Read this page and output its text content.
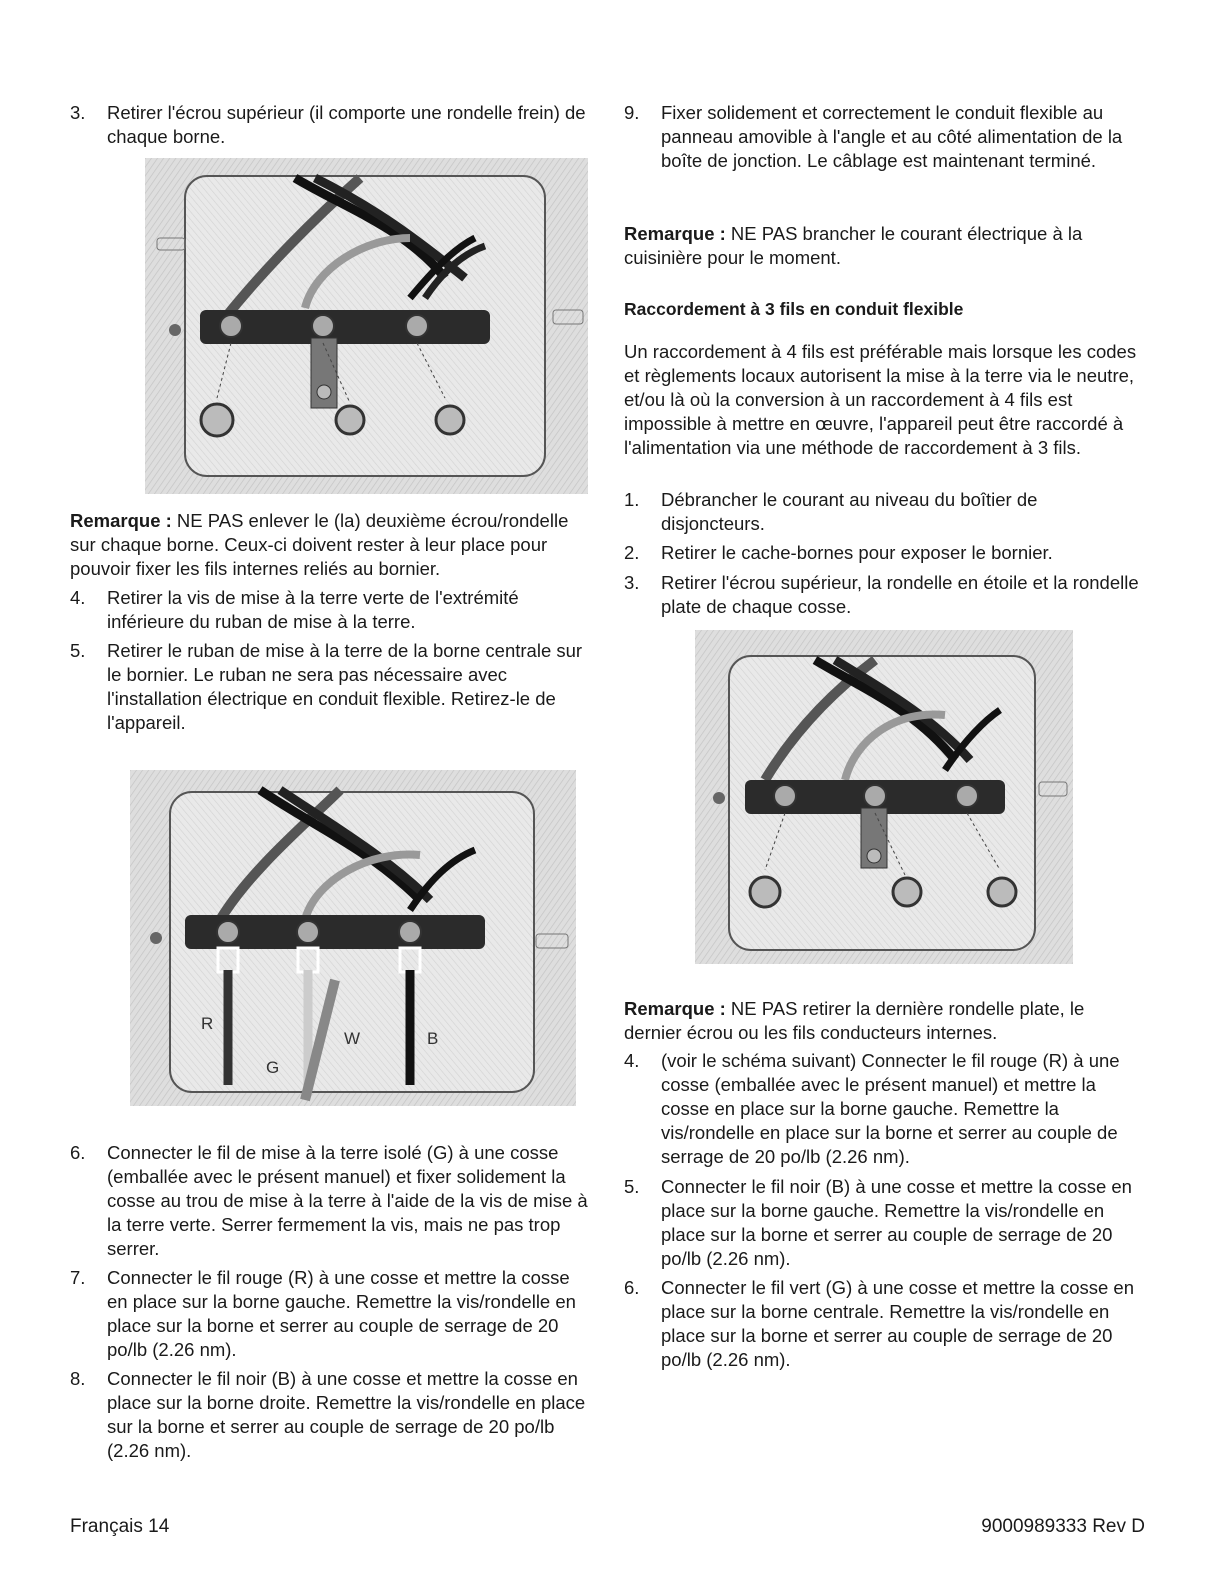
3.	Retirer l'écrou supérieur (il comporte une rondelle frein) de chaque borne.
Remarque : NE PAS enlever le (la) deuxième écrou/rondelle sur chaque borne. Ceux-ci doivent rester à leur place pour pouvoir fixer les fils internes reliés au bornier.
4.	Retirer la vis de mise à la terre verte de l'extrémité inférieure du ruban de mise à la terre.
5.	Retirer le ruban de mise à la terre de la borne centrale sur le bornier. Le ruban ne sera pas nécessaire avec l'installation électrique en conduit flexible. Retirez-le de l'appareil.
R
W	B
G
6.	Connecter le fil de mise à la terre isolé (G) à une cosse (emballée avec le présent manuel) et fixer solidement la cosse au trou de mise à la terre à l'aide de la vis de mise à la terre verte. Serrer fermement la vis, mais ne pas trop serrer.
7.	Connecter le fil rouge (R) à une cosse et mettre la cosse en place sur la borne gauche. Remettre la vis/rondelle en place sur la borne et serrer au couple de serrage de 20 po/lb (2.26 nm).
8.	Connecter le fil noir (B) à une cosse et mettre la cosse en place sur la borne droite. Remettre la vis/rondelle en place sur la borne et serrer au couple de serrage de 20 po/lb (2.26 nm).
Français 14
9.	Fixer solidement et correctement le conduit flexible au panneau amovible à l'angle et au côté alimentation de la boîte de jonction. Le câblage est maintenant terminé.
Remarque : NE PAS brancher le courant électrique à la cuisinière pour le moment.
Raccordement à 3 fils en conduit flexible
Un raccordement à 4 fils est préférable mais lorsque les codes et règlements locaux autorisent la mise à la terre via le neutre, et/ou là où la conversion à un raccordement à 4 fils est impossible à mettre en œuvre, l'appareil peut être raccordé à l'alimentation via une méthode de raccordement à 3 fils.
1.	Débrancher le courant au niveau du boîtier de disjoncteurs.
2.	Retirer le cache-bornes pour exposer le bornier.
3.	Retirer l'écrou supérieur, la rondelle en étoile et la rondelle plate de chaque cosse.
Remarque : NE PAS retirer la dernière rondelle plate, le dernier écrou ou les fils conducteurs internes.
4.	(voir le schéma suivant) Connecter le fil rouge (R) à une cosse (emballée avec le présent manuel) et mettre la cosse en place sur la borne gauche. Remettre la vis/rondelle en place sur la borne et serrer au couple de serrage de 20 po/lb (2.26 nm).
5.	Connecter le fil noir (B) à une cosse et mettre la cosse en place sur la borne gauche. Remettre la vis/rondelle en place sur la borne et serrer au couple de serrage de 20 po/lb (2.26 nm).
6.	Connecter le fil vert (G) à une cosse et mettre la cosse en place sur la borne centrale. Remettre la vis/rondelle en place sur la borne et serrer au couple de serrage de 20 po/lb (2.26 nm).
9000989333 Rev D
